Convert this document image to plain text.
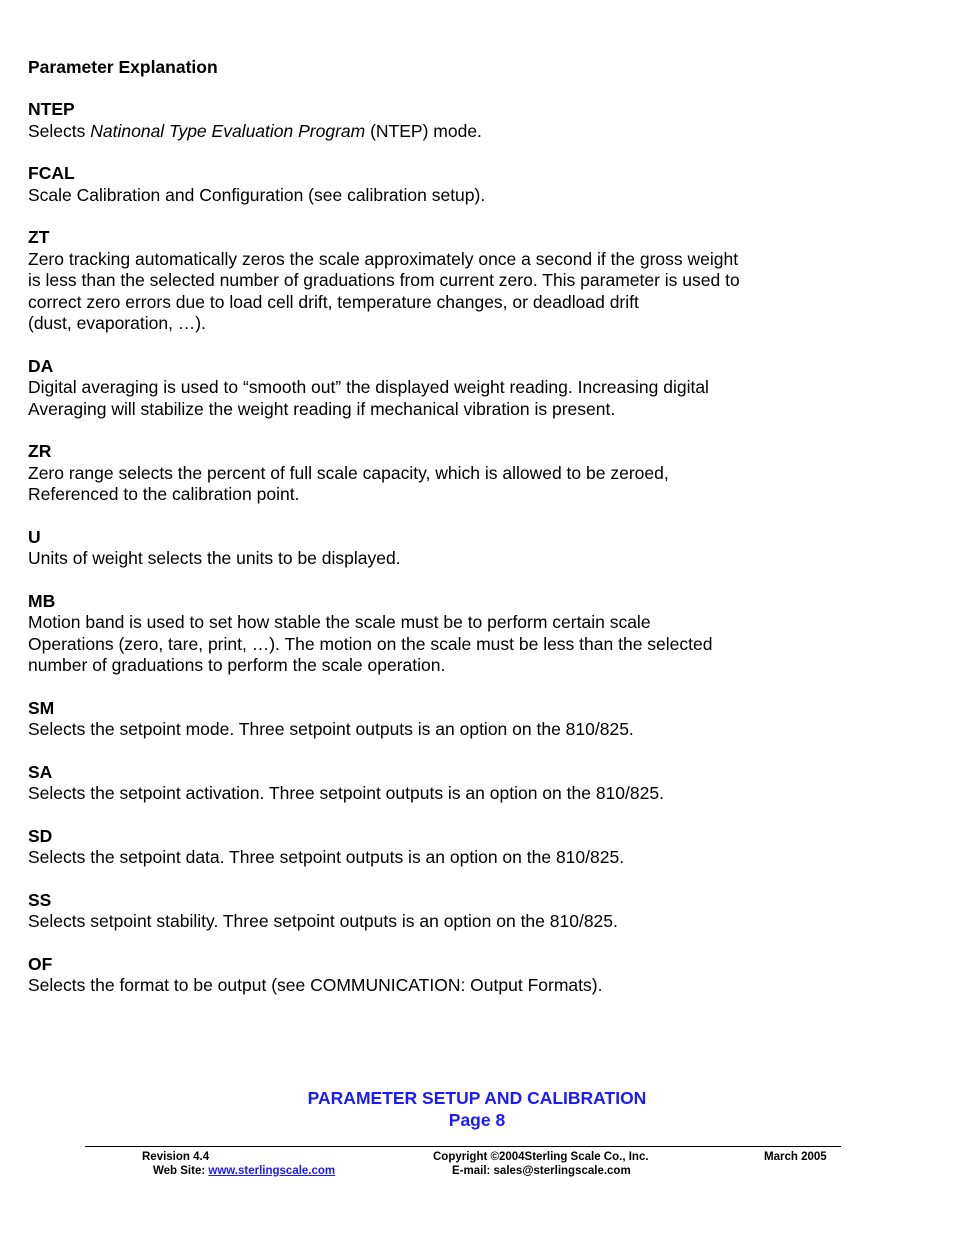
Parameter Explanation
NTEP
Selects Natinonal Type Evaluation Program (NTEP) mode.
FCAL
Scale Calibration and Configuration (see calibration setup).
ZT
Zero tracking automatically zeros the scale approximately once a second if the gross weight
is less than the selected number of graduations from current zero. This parameter is used to
correct zero errors due to load cell drift, temperature changes, or deadload drift
(dust, evaporation, …).
DA
Digital averaging is used to “smooth out” the displayed weight reading. Increasing digital
Averaging will stabilize the weight reading if mechanical vibration is present.
ZR
Zero range selects the percent of full scale capacity, which is allowed to be zeroed,
Referenced to the calibration point.
U
Units of weight selects the units to be displayed.
MB
Motion band is used to set how stable the scale must be to perform certain scale
Operations (zero, tare, print, …). The motion on the scale must be less than the selected
number of graduations to perform the scale operation.
SM
Selects the setpoint mode. Three setpoint outputs is an option on the 810/825.
SA
Selects the setpoint activation. Three setpoint outputs is an option on the 810/825.
SD
Selects the setpoint data. Three setpoint outputs is an option on the 810/825.
SS
Selects setpoint stability. Three setpoint outputs is an option on the 810/825.
OF
Selects the format to be output (see COMMUNICATION: Output Formats).
PARAMETER SETUP AND CALIBRATION
Page 8
Revision 4.4
Web Site: www.sterlingscale.com
Copyright ©2004Sterling Scale Co., Inc.
E-mail: sales@sterlingscale.com
March 2005
